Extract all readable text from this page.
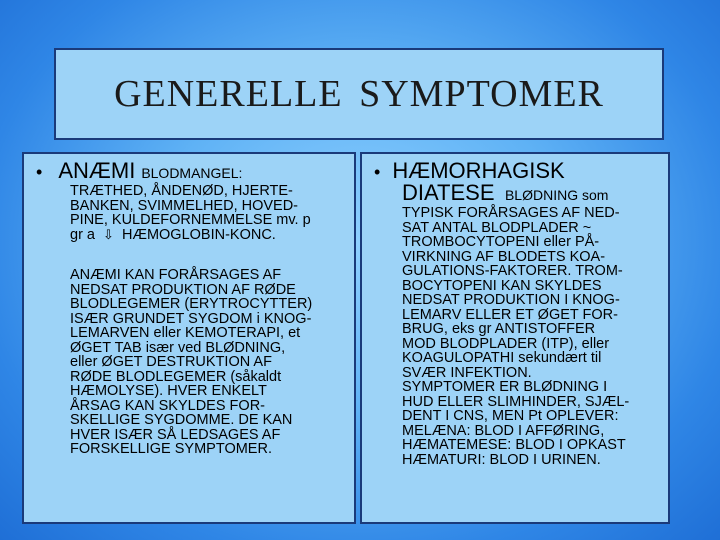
GENERELLE SYMPTOMER
• ANÆMI BLODMANGEL:

TRÆTHED, ÅNDENØD, HJERTE-

BANKEN, SVIMMELHED, HOVED-

PINE, KULDEFORNEMMELSE mv. p

gr a ⇩ HÆMOGLOBIN-KONC.

ANÆMI KAN FORÅRSAGES AF

NEDSAT PRODUKTION AF RØDE

BLODLEGEMER (ERYTROCYTTER)

ISÆR GRUNDET SYGDOM i KNOG-

LEMARVEN eller KEMOTERAPI, et

ØGET TAB især ved BLØDNING,

eller ØGET DESTRUKTION AF

RØDE BLODLEGEMER (såkaldt

HÆMOLYSE). HVER ENKELT

ÅRSAG KAN SKYLDES FOR-

SKELLIGE SYGDOMME. DE KAN

HVER ISÆR SÅ LEDSAGES AF

FORSKELLIGE SYMPTOMER.

• HÆMORHAGISK
DIATESE BLØDNING som

TYPISK FORÅRSAGES AF NED-

SAT ANTAL BLODPLADER ~

TROMBOCYTOPENI eller PÅ-

VIRKNING AF BLODETS KOA-

GULATIONS-FAKTORER. TROM-

BOCYTOPENI KAN SKYLDES

NEDSAT PRODUKTION I KNOG-

LEMARV ELLER ET ØGET FOR-

BRUG, eks gr ANTISTOFFER

MOD BLODPLADER (ITP), eller

KOAGULOPATHI sekundært til

SVÆR INFEKTION.

SYMPTOMER ER BLØDNING I

HUD ELLER SLIMHINDER, SJÆL-

DENT I CNS, MEN Pt OPLEVER:

MELÆNA: BLOD I AFFØRING,

HÆMATEMESE: BLOD I OPKAST

HÆMATURI: BLOD I URINEN.
